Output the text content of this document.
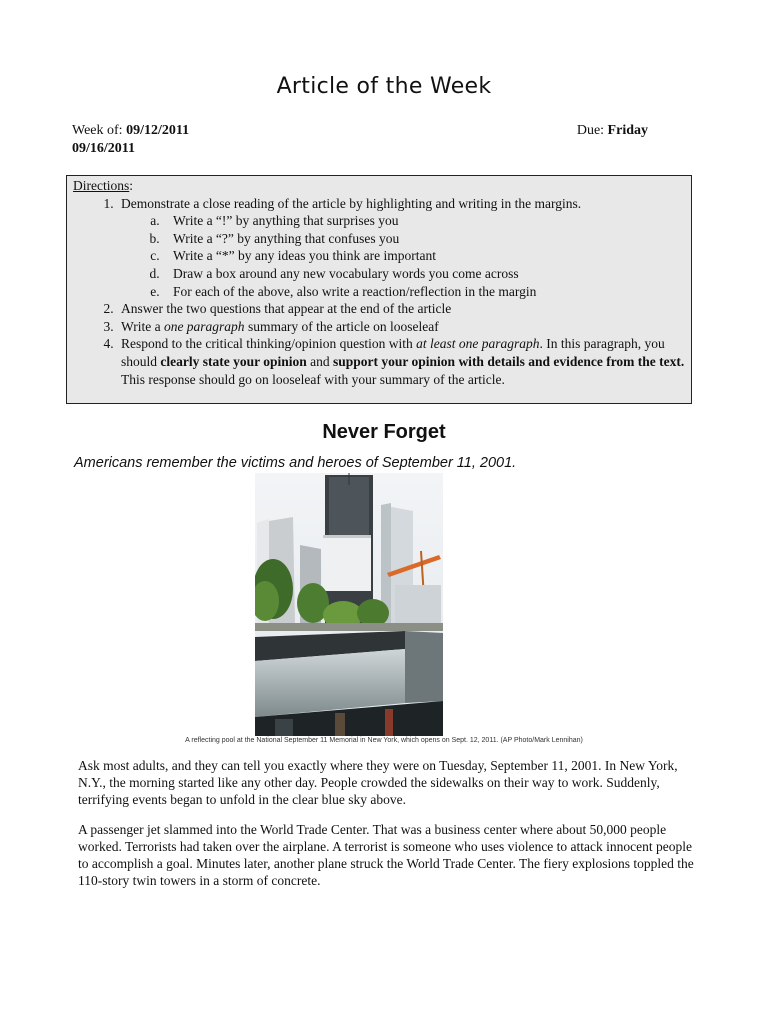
Article of the Week
Week of: 09/12/2011	Due: Friday
09/16/2011
Directions:
1. Demonstrate a close reading of the article by highlighting and writing in the margins.
a. Write a “!” by anything that surprises you
b. Write a “?” by anything that confuses you
c. Write a “*” by any ideas you think are important
d. Draw a box around any new vocabulary words you come across
e. For each of the above, also write a reaction/reflection in the margin
2. Answer the two questions that appear at the end of the article
3. Write a one paragraph summary of the article on looseleaf
4. Respond to the critical thinking/opinion question with at least one paragraph. In this paragraph, you should clearly state your opinion and support your opinion with details and evidence from the text. This response should go on looseleaf with your summary of the article.
Never Forget
Americans remember the victims and heroes of September 11, 2001.
A reflecting pool at the National September 11 Memorial in New York, which opens on Sept. 12, 2011. (AP Photo/Mark Lennihan)
Ask most adults, and they can tell you exactly where they were on Tuesday, September 11, 2001. In New York, N.Y., the morning started like any other day. People crowded the sidewalks on their way to work. Suddenly, terrifying events began to unfold in the clear blue sky above.
A passenger jet slammed into the World Trade Center. That was a business center where about 50,000 people worked. Terrorists had taken over the airplane. A terrorist is someone who uses violence to attack innocent people to accomplish a goal. Minutes later, another plane struck the World Trade Center. The fiery explosions toppled the 110-story twin towers in a storm of concrete.
